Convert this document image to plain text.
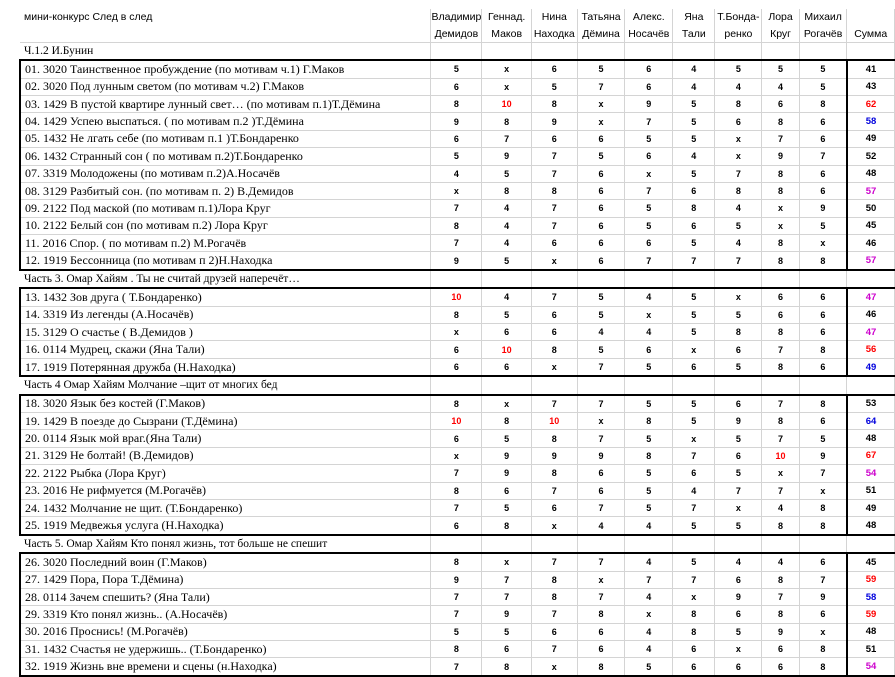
мини-конкурс След в след	Владимир	Геннад.	Нина	Татьяна	Алекс.	Яна	Т.Бонда-	Лора	Михаил	
	Демидов	Маков	Находка	Дёмина	Носачёв	Тали	ренко	Круг	Рогачёв	Сумма
Ч.1.2 И.Бунин										
01. 3020 Таинственное пробуждение (по мотивам ч.1) Г.Маков	5	x	6	5	6	4	5	5	5	41
02. 3020 Под лунным светом (по мотивам ч.2) Г.Маков	6	x	5	7	6	4	4	4	5	43
03. 1429 В пустой квартире лунный свет… (по мотивам п.1)Т.Дёмина	8	10	8	x	9	5	8	6	8	62
04. 1429 Успею выспаться. ( по мотивам п.2 )Т.Дёмина	9	8	9	x	7	5	6	8	6	58
05. 1432 Не лгать себе (по мотивам п.1 )Т.Бондаренко	6	7	6	6	5	5	x	7	6	49
06. 1432 Странный сон ( по мотивам п.2)Т.Бондаренко	5	9	7	5	6	4	x	9	7	52
07. 3319 Молодожены (по мотивам п.2)А.Носачёв	4	5	7	6	x	5	7	8	6	48
08. 3129 Разбитый сон. (по мотивам п. 2) В.Демидов	x	8	8	6	7	6	8	8	6	57
09. 2122 Под маской (по мотивам п.1)Лора Круг	7	4	7	6	5	8	4	x	9	50
10. 2122 Белый сон (по мотивам п.2) Лора Круг	8	4	7	6	5	6	5	x	5	45
11. 2016 Спор. ( по мотивам п.2) М.Рогачёв	7	4	6	6	6	5	4	8	x	46
12. 1919 Бессонница (по мотивам п 2)Н.Находка	9	5	x	6	7	7	7	8	8	57
Часть 3. Омар Хайям . Ты не считай друзей наперечёт…										
13. 1432 Зов друга ( Т.Бондаренко)	10	4	7	5	4	5	x	6	6	47
14. 3319 Из легенды (А.Носачёв)	8	5	6	5	x	5	5	6	6	46
15. 3129 О счастье ( В.Демидов )	x	6	6	4	4	5	8	8	6	47
16. 0114 Мудрец, скажи (Яна Тали)	6	10	8	5	6	x	6	7	8	56
17. 1919 Потерянная дружба (Н.Находка)	6	6	x	7	5	6	5	8	6	49
Часть 4 Омар Хайям Молчание –щит от многих бед										
18. 3020 Язык без костей (Г.Маков)	8	x	7	7	5	5	6	7	8	53
19. 1429 В поезде до Сызрани (Т.Дёмина)	10	8	10	x	8	5	9	8	6	64
20. 0114 Язык мой враг.(Яна Тали)	6	5	8	7	5	x	5	7	5	48
21. 3129 Не болтай! (В.Демидов)	x	9	9	9	8	7	6	10	9	67
22. 2122 Рыбка (Лора Круг)	7	9	8	6	5	6	5	x	7	54
23. 2016 Не рифмуется (М.Рогачёв)	8	6	7	6	5	4	7	7	x	51
24. 1432 Молчание не щит. (Т.Бондаренко)	7	5	6	7	5	7	x	4	8	49
25. 1919 Медвежья услуга (Н.Находка)	6	8	x	4	4	5	5	8	8	48
Часть 5. Омар Хайям Кто понял жизнь, тот больше не спешит										
26. 3020 Последний воин (Г.Маков)	8	x	7	7	4	5	4	4	6	45
27. 1429 Пора, Пора Т.Дёмина)	9	7	8	x	7	7	6	8	7	59
28. 0114 Зачем спешить? (Яна Тали)	7	7	8	7	4	x	9	7	9	58
29. 3319 Кто понял жизнь.. (А.Носачёв)	7	9	7	8	x	8	6	8	6	59
30. 2016 Проснись! (М.Рогачёв)	5	5	6	6	4	8	5	9	x	48
31. 1432 Счастья не удержишь.. (Т.Бондаренко)	8	6	7	6	4	6	x	6	8	51
32. 1919 Жизнь вне времени и сцены (н.Находка)	7	8	x	8	5	6	6	6	8	54
